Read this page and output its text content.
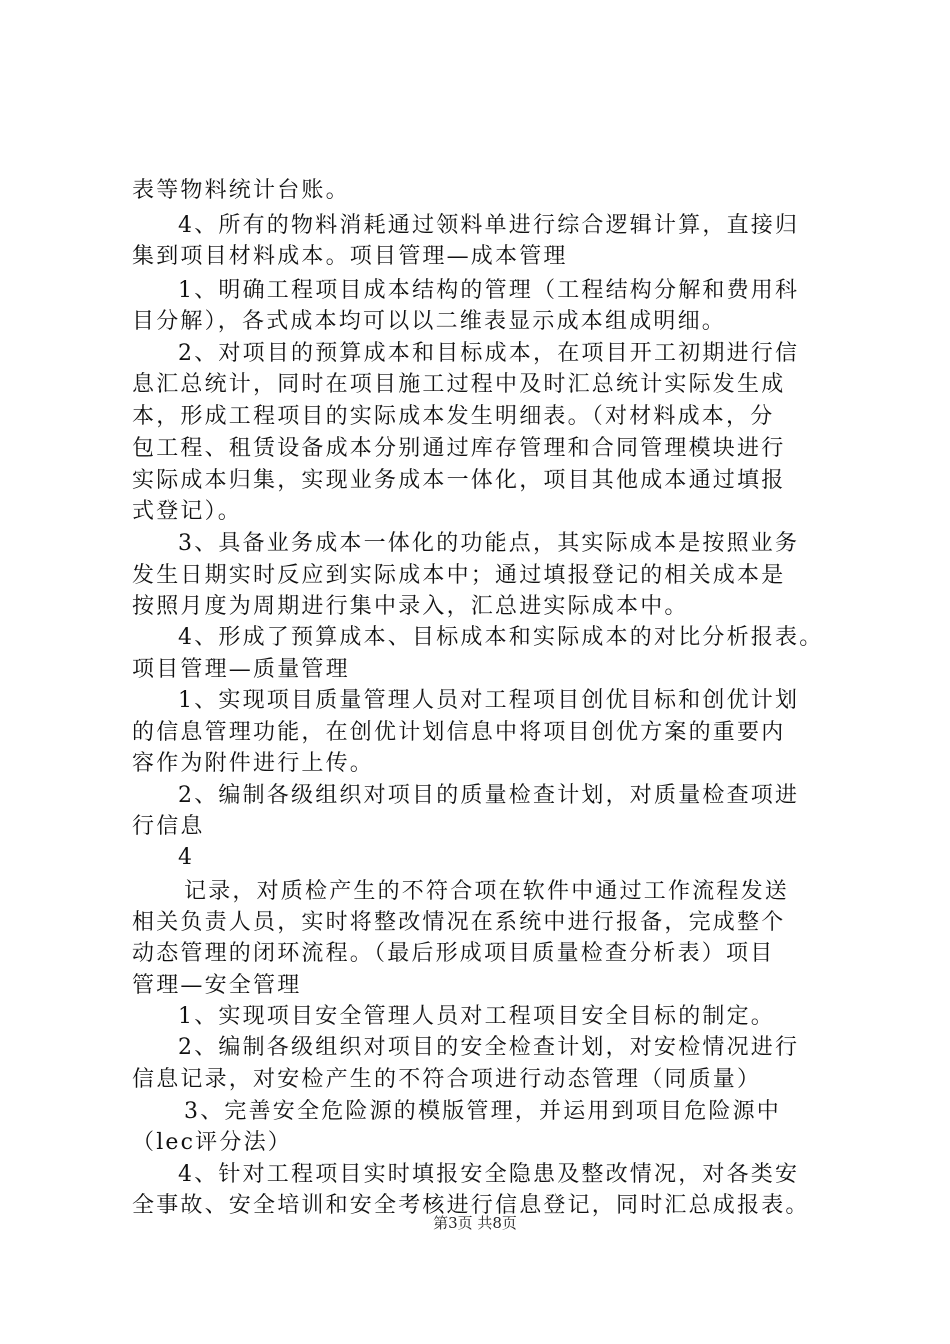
表等物料统计台账。
4、所有的物料消耗通过领料单进行综合逻辑计算，直接归
集到项目材料成本。项目管理—成本管理
1、明确工程项目成本结构的管理（工程结构分解和费用科
目分解），各式成本均可以以二维表显示成本组成明细。
2、对项目的预算成本和目标成本，在项目开工初期进行信
息汇总统计，同时在项目施工过程中及时汇总统计实际发生成
本，形成工程项目的实际成本发生明细表。（对材料成本，分
包工程、租赁设备成本分别通过库存管理和合同管理模块进行
实际成本归集，实现业务成本一体化，项目其他成本通过填报
式登记）。
3、具备业务成本一体化的功能点，其实际成本是按照业务
发生日期实时反应到实际成本中；通过填报登记的相关成本是
按照月度为周期进行集中录入，汇总进实际成本中。
4、形成了预算成本、目标成本和实际成本的对比分析报表。
项目管理—质量管理
1、实现项目质量管理人员对工程项目创优目标和创优计划
的信息管理功能，在创优计划信息中将项目创优方案的重要内
容作为附件进行上传。
2、编制各级组织对项目的质量检查计划，对质量检查项进
行信息
4
记录，对质检产生的不符合项在软件中通过工作流程发送
相关负责人员，实时将整改情况在系统中进行报备，完成整个
动态管理的闭环流程。（最后形成项目质量检查分析表）项目
管理—安全管理
1、实现项目安全管理人员对工程项目安全目标的制定。
2、编制各级组织对项目的安全检查计划，对安检情况进行
信息记录，对安检产生的不符合项进行动态管理（同质量）
3、完善安全危险源的模版管理，并运用到项目危险源中
（lec评分法）
4、针对工程项目实时填报安全隐患及整改情况，对各类安
全事故、安全培训和安全考核进行信息登记，同时汇总成报表。
第3页 共8页
